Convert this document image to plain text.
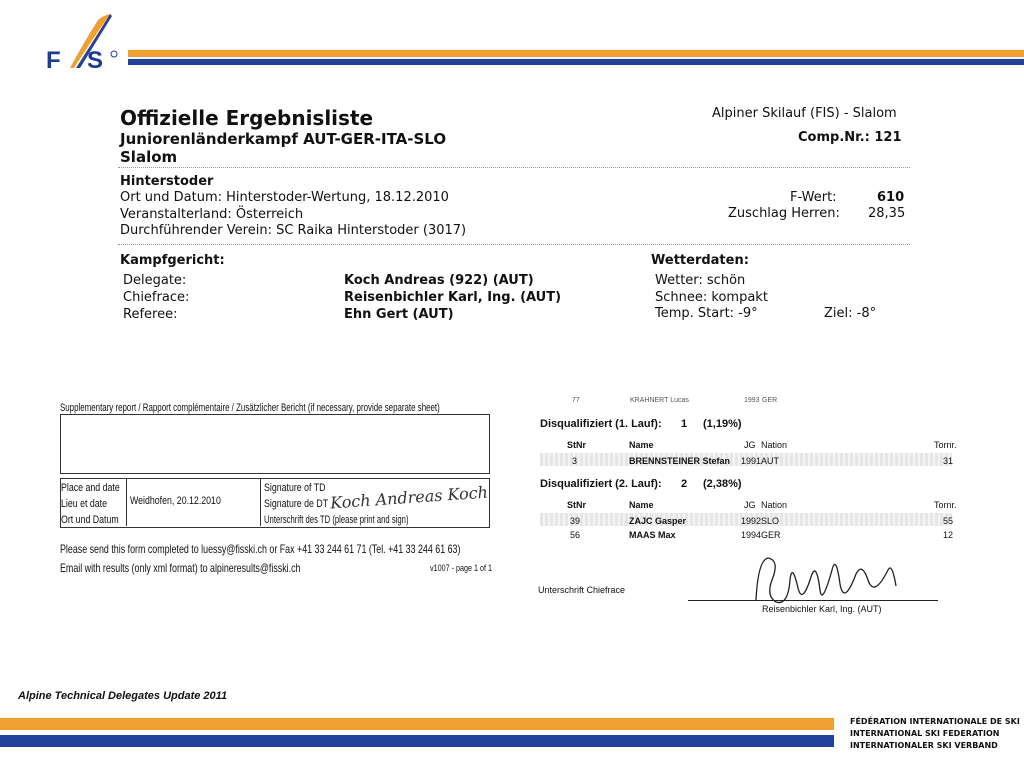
F S
Offizielle Ergebnisliste
Juniorenländerkampf AUT-GER-ITA-SLO
Slalom
Alpiner Skilauf (FIS) - Slalom
Comp.Nr.: 121
Hinterstoder
Ort und Datum: Hinterstoder-Wertung, 18.12.2010
Veranstalterland: Österreich
Durchführender Verein: SC Raika Hinterstoder (3017)
F-Wert:	610
Zuschlag Herren: 28,35
Kampfgericht:
Delegate:	Koch Andreas (922) (AUT)
Chiefrace:	Reisenbichler Karl, Ing. (AUT)
Referee:	Ehn Gert (AUT)
Wetterdaten:
Wetter: schön
Schnee: kompakt
Temp. Start: -9°	Ziel: -8°
Supplementary report / Rapport complémentaire / Zusätzlicher Bericht (if necessary, provide separate sheet)
Place and date
Lieu et date
Ort und Datum
Weidhofen, 20.12.2010
Signature of TD
Signature de DT
Unterschrift des TD (please print and sign)
Koch Andreas Koch
Please send this form completed to luessy@fisski.ch or Fax +41 33 244 61 71 (Tel. +41 33 244 61 63)
Email with results (only xml format) to alpineresults@fisski.ch	v1007 - page 1 of 1
77	KRAHNERT Lucas	1993 GER
Disqualifiziert (1. Lauf): 1 (1,19%)
StNr	Name	JG Nation	Tornr.
3	BRENNSTEINER Stefan 1991 AUT	31
Disqualifiziert (2. Lauf): 2 (2,38%)
StNr	Name	JG Nation	Tornr.
39	ZAJC Gasper	1992 SLO	55
56	MAAS Max	1994 GER	12
Unterschrift Chiefrace
Reisenbichler Karl, Ing. (AUT)
Alpine Technical Delegates Update 2011
FÉDÉRATION INTERNATIONALE DE SKI
INTERNATIONAL SKI FEDERATION
INTERNATIONALER SKI VERBAND
